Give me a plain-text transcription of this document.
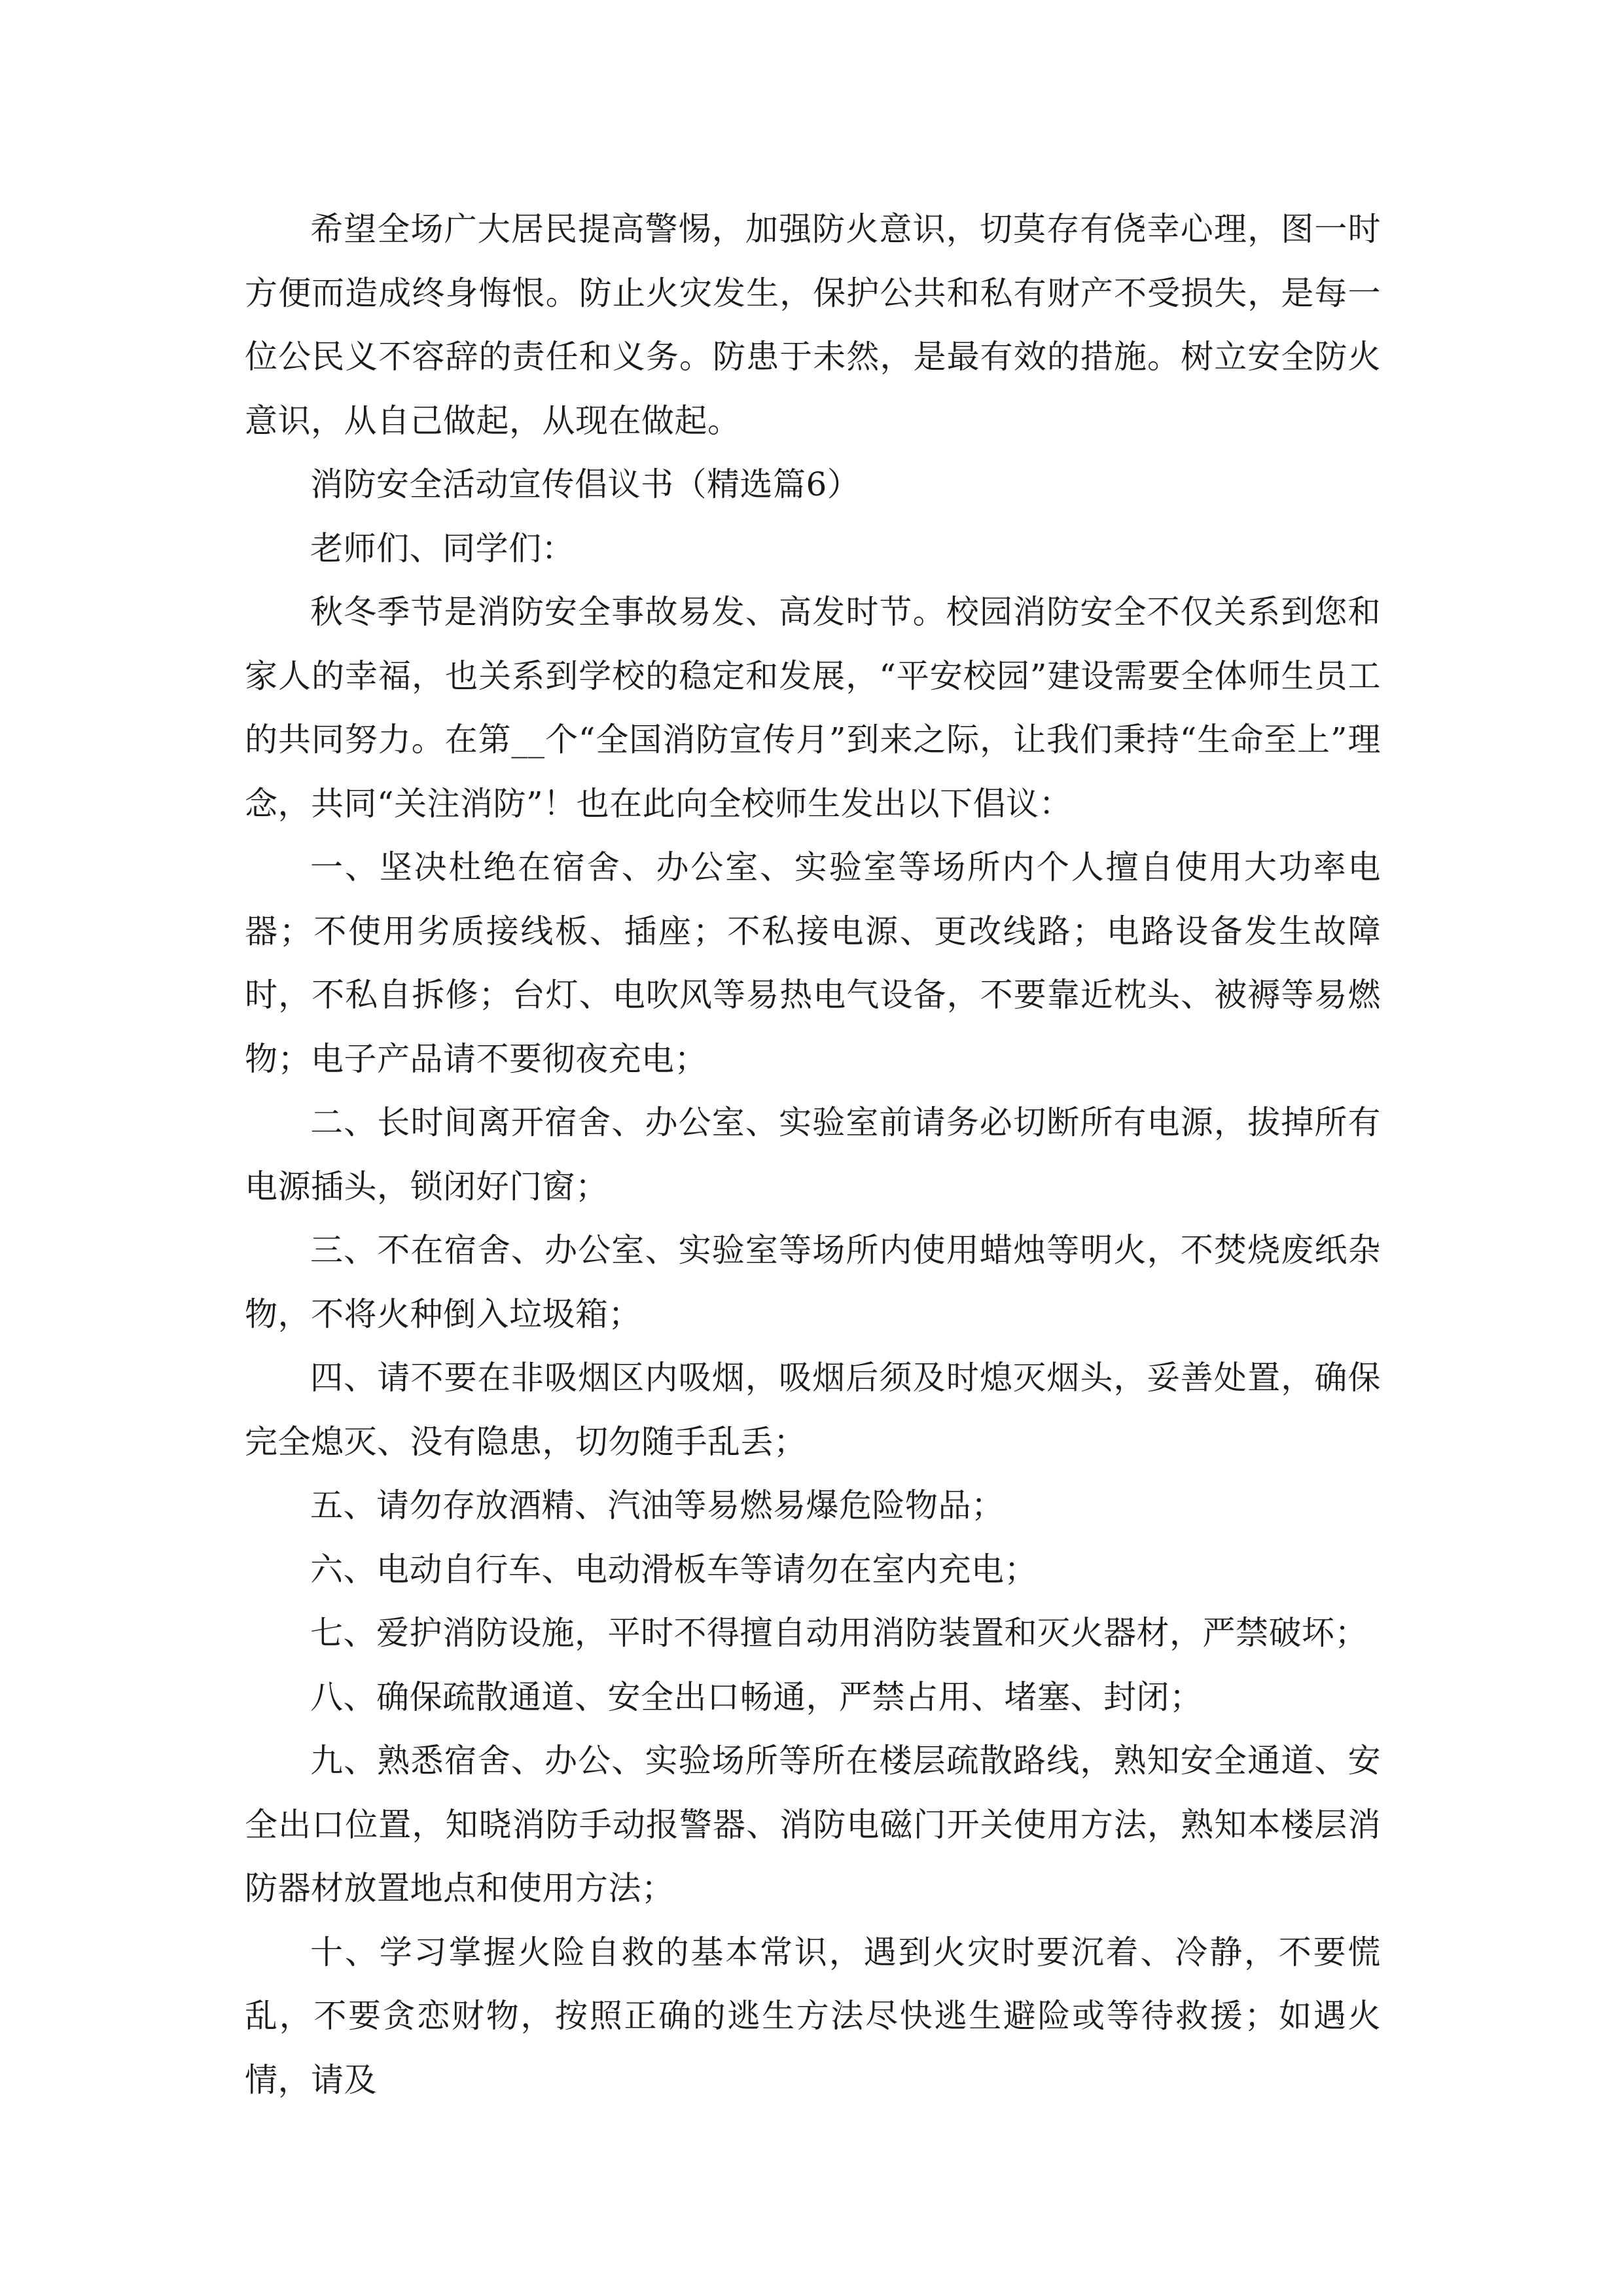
希望全场广大居民提高警惕，加强防火意识，切莫存有侥幸心理，图一时方便而造成终身悔恨。防止火灾发生，保护公共和私有财产不受损失，是每一位公民义不容辞的责任和义务。防患于未然，是最有效的措施。树立安全防火意识，从自己做起，从现在做起。

消防安全活动宣传倡议书（精选篇6）

老师们、同学们：

秋冬季节是消防安全事故易发、高发时节。校园消防安全不仅关系到您和家人的幸福，也关系到学校的稳定和发展，“平安校园”建设需要全体师生员工的共同努力。在第__个“全国消防宣传月”到来之际，让我们秉持“生命至上”理念，共同“关注消防”！也在此向全校师生发出以下倡议：

一、坚决杜绝在宿舍、办公室、实验室等场所内个人擅自使用大功率电器；不使用劣质接线板、插座；不私接电源、更改线路；电路设备发生故障时，不私自拆修；台灯、电吹风等易热电气设备，不要靠近枕头、被褥等易燃物；电子产品请不要彻夜充电；

二、长时间离开宿舍、办公室、实验室前请务必切断所有电源，拔掉所有电源插头，锁闭好门窗；

三、不在宿舍、办公室、实验室等场所内使用蜡烛等明火，不焚烧废纸杂物，不将火种倒入垃圾箱；

四、请不要在非吸烟区内吸烟，吸烟后须及时熄灭烟头，妥善处置，确保完全熄灭、没有隐患，切勿随手乱丢；

五、请勿存放酒精、汽油等易燃易爆危险物品；

六、电动自行车、电动滑板车等请勿在室内充电；

七、爱护消防设施，平时不得擅自动用消防装置和灭火器材，严禁破坏；

八、确保疏散通道、安全出口畅通，严禁占用、堵塞、封闭；

九、熟悉宿舍、办公、实验场所等所在楼层疏散路线，熟知安全通道、安全出口位置，知晓消防手动报警器、消防电磁门开关使用方法，熟知本楼层消防器材放置地点和使用方法；

十、学习掌握火险自救的基本常识，遇到火灾时要沉着、冷静，不要慌乱，不要贪恋财物，按照正确的逃生方法尽快逃生避险或等待救援；如遇火情，请及
